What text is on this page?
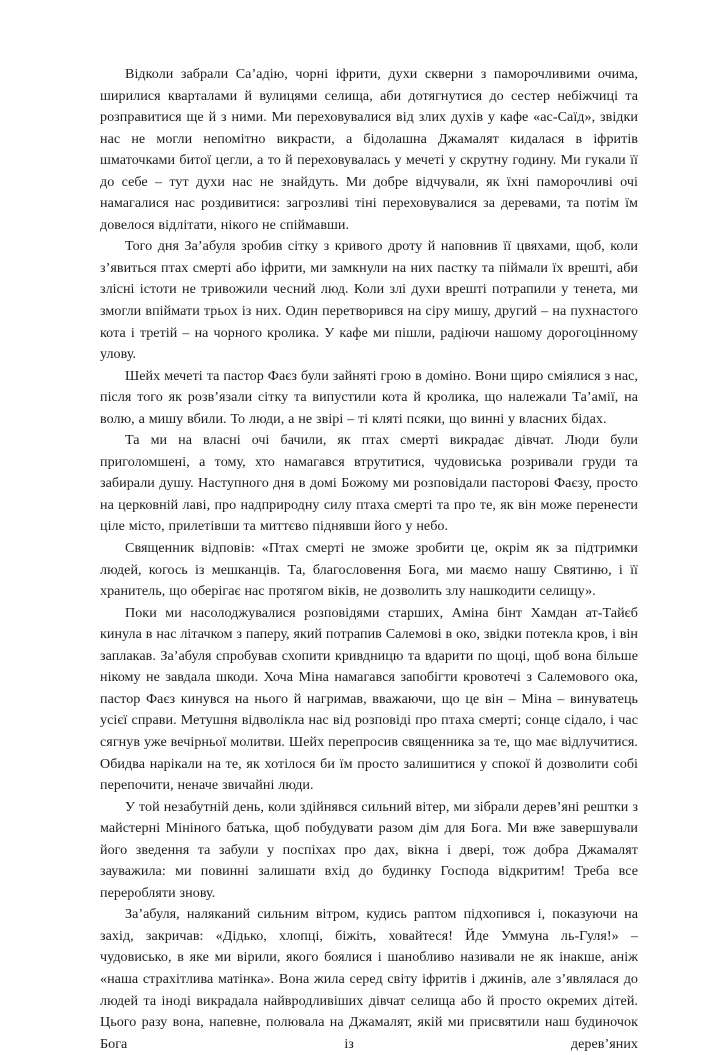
Відколи забрали Са’адію, чорні іфрити, духи скверни з паморочливими очима, ширилися кварталами й вулицями селища, аби дотягнутися до сестер небіжчиці та розправитися ще й з ними. Ми переховувалися від злих духів у кафе «ас-Саїд», звідки нас не могли непомітно викрасти, а бідолашна Джамалят кидалася в іфритів шматочками битої цегли, а то й переховувалась у мечеті у скрутну годину. Ми гукали її до себе – тут духи нас не знайдуть. Ми добре відчували, як їхні паморочливі очі намагалися нас роздивитися: загрозливі тіні переховувалися за деревами, та потім їм довелося відлітати, нікого не спіймавши.

Того дня За’абуля зробив сітку з кривого дроту й наповнив її цвяхами, щоб, коли з’явиться птах смерті або іфрити, ми замкнули на них пастку та піймали їх врешті, аби злісні істоти не тривожили чесний люд. Коли злі духи врешті потрапили у тенета, ми змогли впіймати трьох із них. Один перетворився на сіру мишу, другий – на пухнастого кота і третій – на чорного кролика. У кафе ми пішли, радіючи нашому дорогоцінному улову.

Шейх мечеті та пастор Фаєз були зайняті грою в доміно. Вони щиро сміялися з нас, після того як розв’язали сітку та випустили кота й кролика, що належали Та’амії, на волю, а мишу вбили. То люди, а не звірі – ті кляті псяки, що винні у власних бідах.

Та ми на власні очі бачили, як птах смерті викрадає дівчат. Люди були приголомшені, а тому, хто намагався втрутитися, чудовиська розривали груди та забирали душу. Наступного дня в домі Божому ми розповідали пасторові Фаєзу, просто на церковній лаві, про надприродну силу птаха смерті та про те, як він може перенести ціле місто, прилетівши та миттєво піднявши його у небо.

Священник відповів: «Птах смерті не зможе зробити це, окрім як за підтримки людей, когось із мешканців. Та, благословення Бога, ми маємо нашу Святиню, і її хранитель, що оберігає нас протягом віків, не дозволить злу нашкодити селищу».

Поки ми насолоджувалися розповідями старших, Аміна бінт Хамдан ат-Тайєб кинула в нас літачком з паперу, який потрапив Салемові в око, звідки потекла кров, і він заплакав. За’абуля спробував схопити кривдницю та вдарити по щоці, щоб вона більше нікому не завдала шкоди. Хоча Міна намагався запобігти кровотечі з Салемового ока, пастор Фаєз кинувся на нього й нагримав, вважаючи, що це він – Міна – винуватець усієї справи. Метушня відволікла нас від розповіді про птаха смерті; сонце сідало, і час сягнув уже вечірньої молитви. Шейх перепросив священника за те, що має відлучитися. Обидва нарікали на те, як хотілося би їм просто залишитися у спокої й дозволити собі перепочити, неначе звичайні люди.

У той незабутній день, коли здійнявся сильний вітер, ми зібрали дерев’яні рештки з майстерні Мініного батька, щоб побудувати разом дім для Бога. Ми вже завершували його зведення та забули у поспіхах про дах, вікна і двері, тож добра Джамалят зауважила: ми повинні залишати вхід до будинку Господа відкритим! Треба все переробляти знову.

За’абуля, наляканий сильним вітром, кудись раптом підхопився і, показуючи на захід, закричав: «Дідько, хлопці, біжіть, ховайтеся! Йде Уммуна ль-Гуля!» – чудовисько, в яке ми вірили, якого боялися і шанобливо називали не як інакше, аніж «наша страхітлива матінка». Вона жила серед світу іфритів і джинів, але з’являлася до людей та іноді викрадала найвродливіших дівчат селища або й просто окремих дітей. Цього разу вона, напевне, полювала на Джамалят, якій ми присвятили наш будиночок Бога із дерев’яних
